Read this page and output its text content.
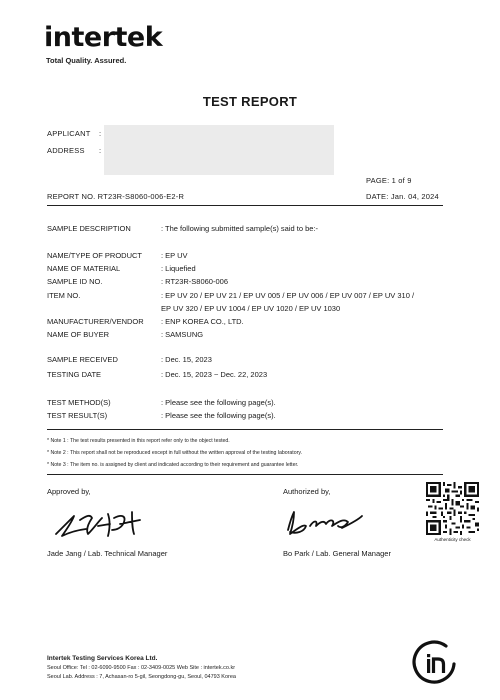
intertek
Total Quality. Assured.
TEST REPORT
APPLICANT :
ADDRESS :
PAGE: 1 of 9
REPORT NO. RT23R-S8060-006-E2-R	DATE: Jan. 04, 2024
SAMPLE DESCRIPTION	: The following submitted sample(s) said to be:-
NAME/TYPE OF PRODUCT	: EP UV
NAME OF MATERIAL	: Liquefied
SAMPLE ID NO.	: RT23R-S8060-006
ITEM NO.	: EP UV 20 / EP UV 21 / EP UV 005 / EP UV 006 / EP UV 007 / EP UV 310 /
EP UV 320 / EP UV 1004 / EP UV 1020 / EP UV 1030
MANUFACTURER/VENDOR : ENP KOREA CO., LTD.
NAME OF BUYER	: SAMSUNG
SAMPLE RECEIVED	: Dec. 15, 2023
TESTING DATE	: Dec. 15, 2023 ~ Dec. 22, 2023
TEST METHOD(S)	: Please see the following page(s).
TEST RESULT(S)	: Please see the following page(s).
* Note 1 : The test results presented in this report refer only to the object tested.
* Note 2 : This report shall not be reproduced except in full without the written approval of the testing laboratory.
* Note 3 : The item no. is assigned by client and indicated according to their requirement and guarantee letter.
Approved by,
Jade Jang / Lab. Technical Manager
Authorized by,
Bo Park / Lab. General Manager
Authenticity check
Intertek Testing Services Korea Ltd.
Seoul Office: Tel : 02-6090-9500 Fax : 02-3409-0025 Web Site : intertek.co.kr
Seoul Lab. Address : 7, Achasan-ro 5-gil, Seongdong-gu, Seoul, 04793 Korea
